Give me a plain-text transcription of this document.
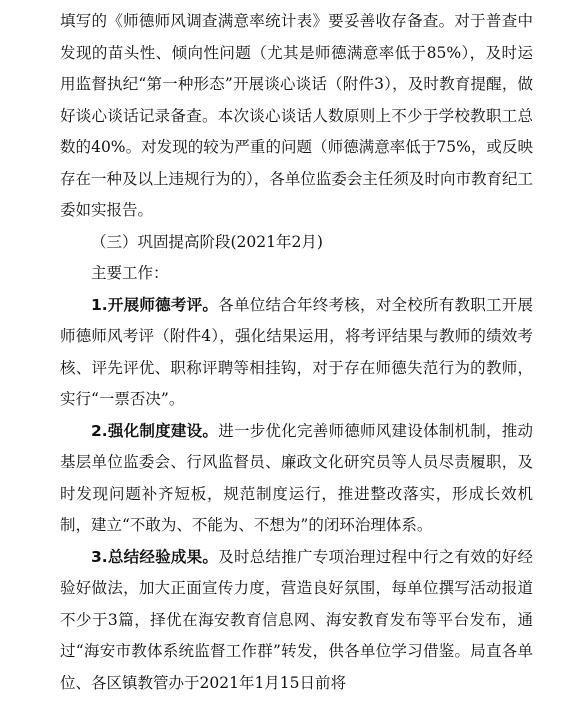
填写的《师德师风调查满意率统计表》要妥善收存备查。对于普查中发现的苗头性、倾向性问题（尤其是师德满意率低于85%），及时运用监督执纪“第一种形态”开展谈心谈话（附件3），及时教育提醒，做好谈心谈话记录备查。本次谈心谈话人数原则上不少于学校教职工总数的40%。对发现的较为严重的问题（师德满意率低于75%，或反映存在一种及以上违规行为的），各单位监委会主任须及时向市教育纪工委如实报告。

（三）巩固提高阶段(2021年2月)

主要工作：

1.开展师德考评。各单位结合年终考核，对全校所有教职工开展师德师风考评（附件4），强化结果运用，将考评结果与教师的绩效考核、评先评优、职称评聘等相挂钩，对于存在师德失范行为的教师，实行“一票否决”。

2.强化制度建设。进一步优化完善师德师风建设体制机制，推动基层单位监委会、行风监督员、廉政文化研究员等人员尽责履职，及时发现问题补齐短板，规范制度运行，推进整改落实，形成长效机制，建立“不敢为、不能为、不想为”的闭环治理体系。

3.总结经验成果。及时总结推广专项治理过程中行之有效的好经验好做法，加大正面宣传力度，营造良好氛围，每单位撰写活动报道不少于3篇，择优在海安教育信息网、海安教育发布等平台发布，通过“海安市教体系统监督工作群”转发，供各单位学习借鉴。局直各单位、各区镇教管办于2021年1月15日前将
